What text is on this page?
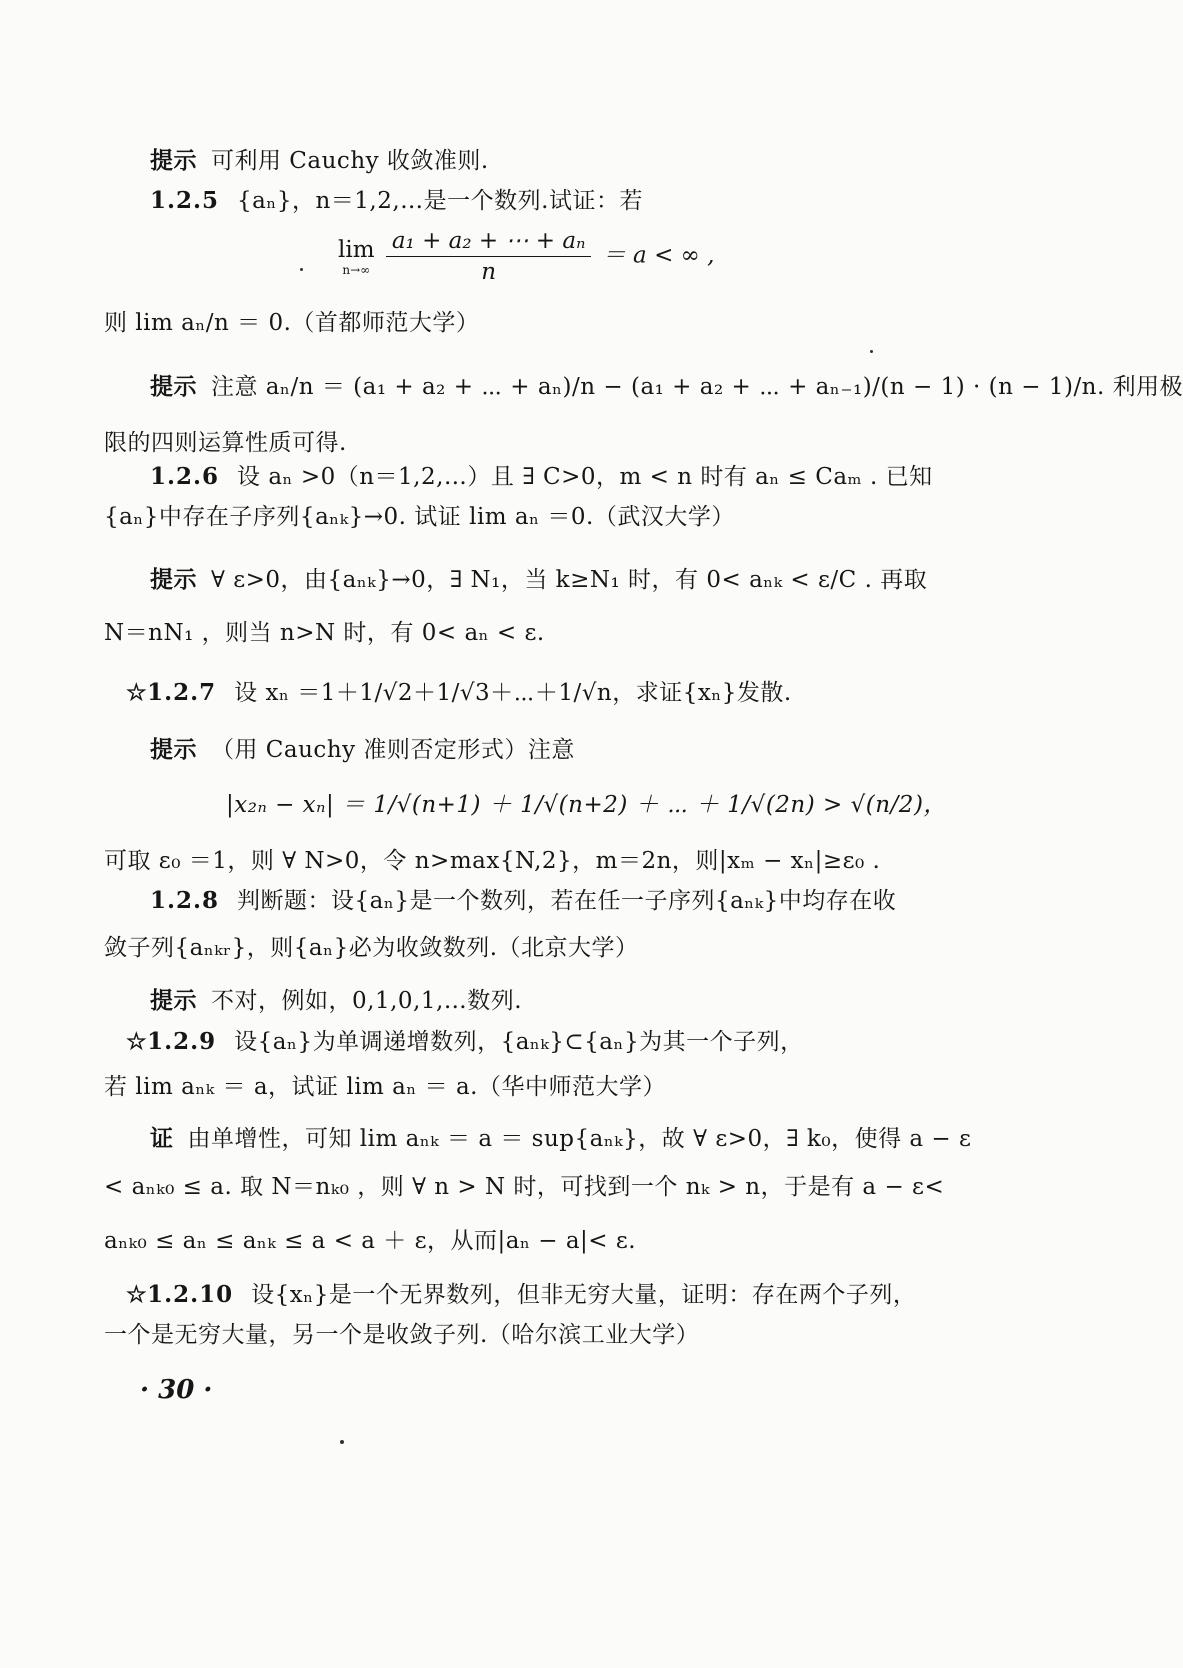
提示 可利用 Cauchy 收敛准则.
1.2.5 {aₙ}，n＝1,2,…是一个数列.试证：若
lim
n→∞
$\frac{\text{a₁ + a₂ + ⋯ + aₙ}}{n} = a$ < ∞ ,
则 lim aₙ/n ＝ 0.（首都师范大学）
提示 注意 aₙ/n ＝ (a₁ + a₂ + ⋯ + aₙ)/n − (a₁ + a₂ + ⋯ + aₙ₋₁)/(n − 1) · (n − 1)/n. 利用极
限的四则运算性质可得.
1.2.6 设 aₙ >0（n＝1,2,…）且 ∃ C>0，m < n 时有 aₙ ≤ Caₘ . 已知
{aₙ}中存在子序列{aₙₖ}→0. 试证 lim aₙ ＝0.（武汉大学）
提示 ∀ ε>0，由{aₙₖ}→0，∃ N₁，当 k≥N₁ 时，有 0< aₙₖ < ε/C . 再取
N＝nN₁ ，则当 n>N 时，有 0< aₙ < ε.
☆1.2.7 设 xₙ ＝1＋1/√2＋1/√3＋⋯＋1/√n，求证{xₙ}发散.
提示 （用 Cauchy 准则否定形式）注意
|x₂ₙ − xₙ| ＝ 1/√(n+1) ＋ 1/√(n+2) ＋ ⋯ ＋ 1/√(2n) > √(n/2)，
可取 ε₀ ＝1，则 ∀ N>0，令 n>max{N,2}，m＝2n，则|xₘ − xₙ|≥ε₀ .
1.2.8 判断题：设{aₙ}是一个数列，若在任一子序列{aₙₖ}中均存在收
敛子列{aₙₖᵣ}，则{aₙ}必为收敛数列.（北京大学）
提示 不对，例如，0,1,0,1,…数列.
☆1.2.9 设{aₙ}为单调递增数列，{aₙₖ}⊂{aₙ}为其一个子列，
若 lim aₙₖ ＝ a，试证 lim aₙ ＝ a.（华中师范大学）
证 由单增性，可知 lim aₙₖ ＝ a ＝ sup{aₙₖ}，故 ∀ ε>0，∃ k₀，使得 a − ε
< aₙₖ₀ ≤ a. 取 N＝nₖ₀ ，则 ∀ n > N 时，可找到一个 nₖ > n，于是有 a − ε<
aₙₖ₀ ≤ aₙ ≤ aₙₖ ≤ a < a ＋ ε，从而|aₙ − a|< ε.
☆1.2.10 设{xₙ}是一个无界数列，但非无穷大量，证明：存在两个子列，
一个是无穷大量，另一个是收敛子列.（哈尔滨工业大学）
· 30 ·
